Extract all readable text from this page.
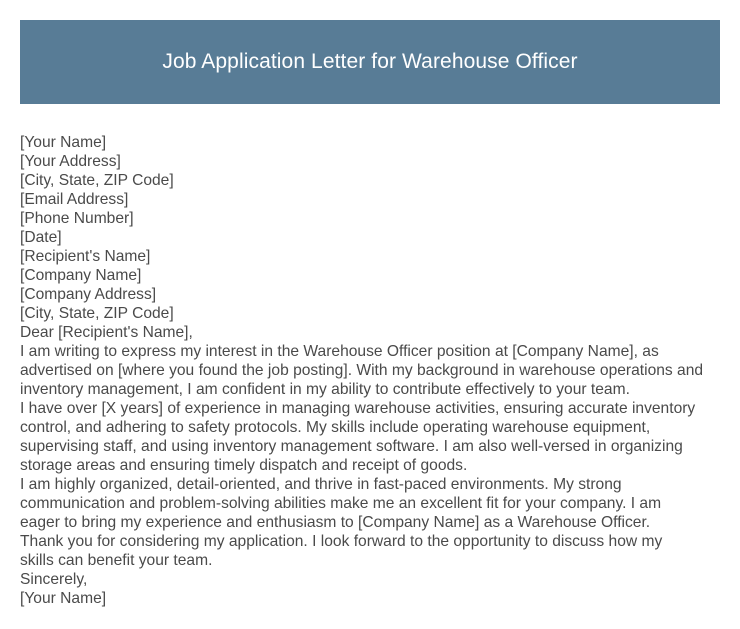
Job Application Letter for Warehouse Officer
[Your Name]
[Your Address]
[City, State, ZIP Code]
[Email Address]
[Phone Number]
[Date]
[Recipient's Name]
[Company Name]
[Company Address]
[City, State, ZIP Code]
Dear [Recipient's Name],
I am writing to express my interest in the Warehouse Officer position at [Company Name], as
advertised on [where you found the job posting]. With my background in warehouse operations and
inventory management, I am confident in my ability to contribute effectively to your team.
I have over [X years] of experience in managing warehouse activities, ensuring accurate inventory
control, and adhering to safety protocols. My skills include operating warehouse equipment,
supervising staff, and using inventory management software. I am also well-versed in organizing
storage areas and ensuring timely dispatch and receipt of goods.
I am highly organized, detail-oriented, and thrive in fast-paced environments. My strong
communication and problem-solving abilities make me an excellent fit for your company. I am
eager to bring my experience and enthusiasm to [Company Name] as a Warehouse Officer.
Thank you for considering my application. I look forward to the opportunity to discuss how my
skills can benefit your team.
Sincerely,
[Your Name]
